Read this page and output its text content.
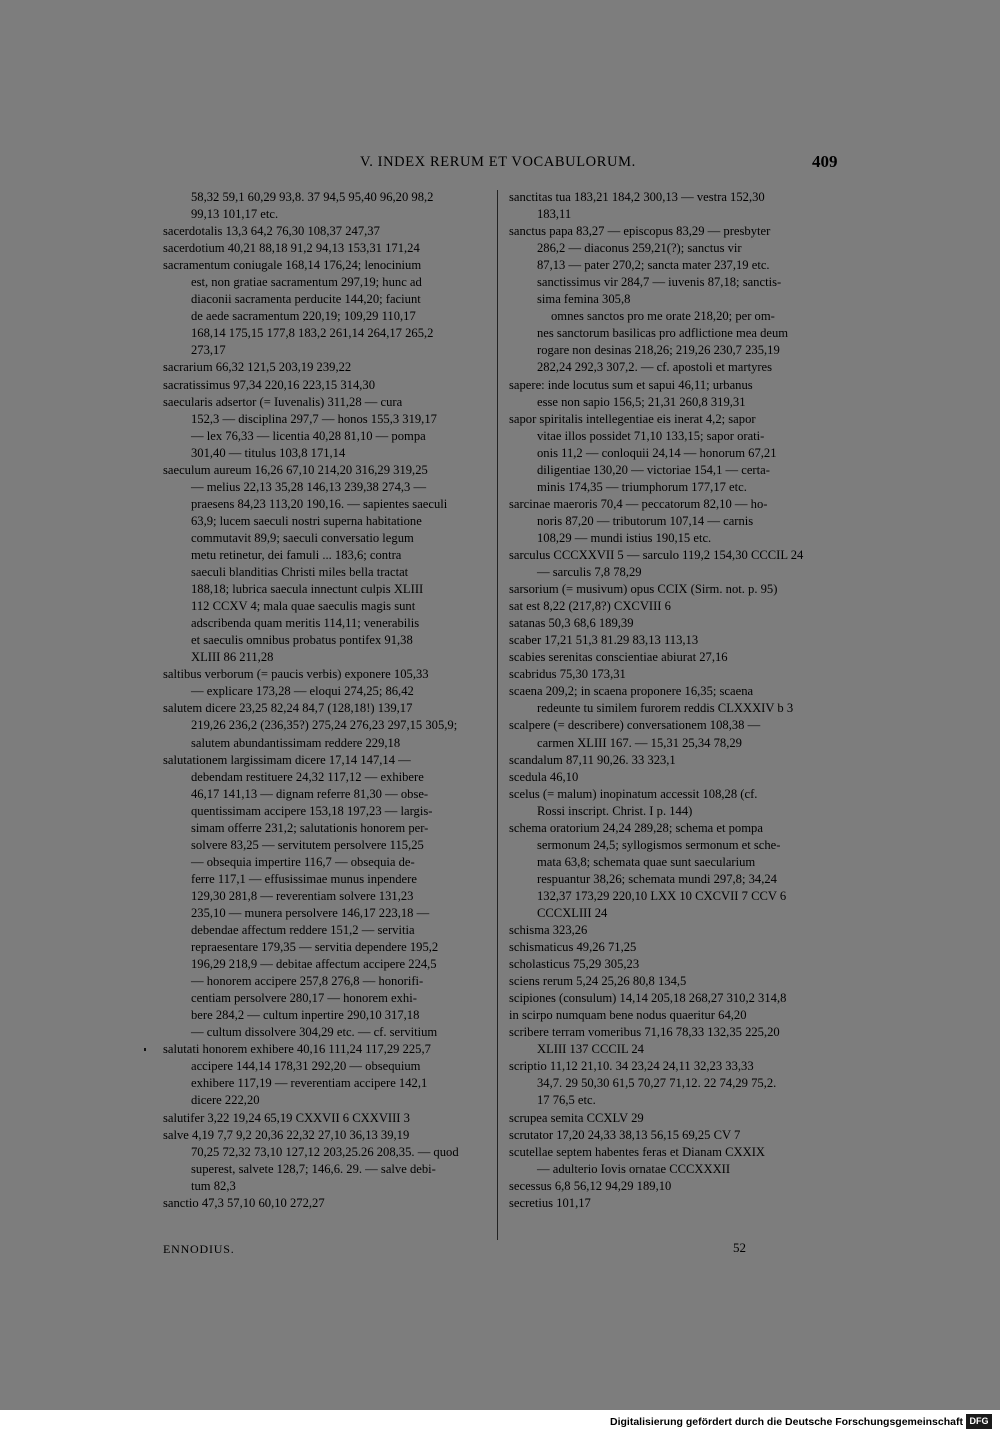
V. INDEX RERUM ET VOCABULORUM.	409
58,32 59,1 60,29 93,8. 37 94,5 95,40 96,20 98,2
99,13 101,17 etc.
sacerdotalis 13,3 64,2 76,30 108,37 247,37
sacerdotium 40,21 88,18 91,2 94,13 153,31 171,24
sacramentum coniugale 168,14 176,24; lenocinium
est, non gratiae sacramentum 297,19; hunc ad
diaconii sacramenta perducite 144,20; faciunt
de aede sacramentum 220,19; 109,29 110,17
168,14 175,15 177,8 183,2 261,14 264,17 265,2
273,17
sacrarium 66,32 121,5 203,19 239,22
sacratissimus 97,34 220,16 223,15 314,30
saecularis adsertor (= Iuvenalis) 311,28 — cura
152,3 — disciplina 297,7 — honos 155,3 319,17
— lex 76,33 — licentia 40,28 81,10 — pompa
301,40 — titulus 103,8 171,14
saeculum aureum 16,26 67,10 214,20 316,29 319,25
— melius 22,13 35,28 146,13 239,38 274,3 —
praesens 84,23 113,20 190,16. — sapientes saeculi
63,9; lucem saeculi nostri superna habitatione
commutavit 89,9; saeculi conversatio legum
metu retinetur, dei famuli ... 183,6; contra
saeculi blanditias Christi miles bella tractat
188,18; lubrica saecula innectunt culpis XLIII
112 CCXV 4; mala quae saeculis magis sunt
adscribenda quam meritis 114,11; venerabilis
et saeculis omnibus probatus pontifex 91,38
XLIII 86 211,28
saltibus verborum (= paucis verbis) exponere 105,33
— explicare 173,28 — eloqui 274,25; 86,42
salutem dicere 23,25 82,24 84,7 (128,18!) 139,17
219,26 236,2 (236,35?) 275,24 276,23 297,15 305,9;
salutem abundantissimam reddere 229,18
salutationem largissimam dicere 17,14 147,14 —
debendam restituere 24,32 117,12 — exhibere
46,17 141,13 — dignam referre 81,30 — obse-
quentissimam accipere 153,18 197,23 — largis-
simam offerre 231,2; salutationis honorem per-
solvere 83,25 — servitutem persolvere 115,25
— obsequia impertire 116,7 — obsequia de-
ferre 117,1 — effusissimae munus inpendere
129,30 281,8 — reverentiam solvere 131,23
235,10 — munera persolvere 146,17 223,18 —
debendae affectum reddere 151,2 — servitia
repraesentare 179,35 — servitia dependere 195,2
196,29 218,9 — debitae affectum accipere 224,5
— honorem accipere 257,8 276,8 — honorifi-
centiam persolvere 280,17 — honorem exhi-
bere 284,2 — cultum inpertire 290,10 317,18
— cultum dissolvere 304,29 etc. — cf. servitium
salutati honorem exhibere 40,16 111,24 117,29 225,7
accipere 144,14 178,31 292,20 — obsequium
exhibere 117,19 — reverentiam accipere 142,1
dicere 222,20
salutifer 3,22 19,24 65,19 CXXVII 6 CXXVIII 3
salve 4,19 7,7 9,2 20,36 22,32 27,10 36,13 39,19
70,25 72,32 73,10 127,12 203,25.26 208,35. — quod
superest, salvete 128,7; 146,6. 29. — salve debi-
tum 82,3
sanctio 47,3 57,10 60,10 272,27
sanctitas tua 183,21 184,2 300,13 — vestra 152,30
183,11
sanctus papa 83,27 — episcopus 83,29 — presbyter
286,2 — diaconus 259,21(?); sanctus vir
87,13 — pater 270,2; sancta mater 237,19 etc.
sanctissimus vir 284,7 — iuvenis 87,18; sanctis-
sima femina 305,8
omnes sanctos pro me orate 218,20; per om-
nes sanctorum basilicas pro adflictione mea deum
rogare non desinas 218,26; 219,26 230,7 235,19
282,24 292,3 307,2. — cf. apostoli et martyres
sapere: inde locutus sum et sapui 46,11; urbanus
esse non sapio 156,5; 21,31 260,8 319,31
sapor spiritalis intellegentiae eis inerat 4,2; sapor
vitae illos possidet 71,10 133,15; sapor orati-
onis 11,2 — conloquii 24,14 — honorum 67,21
diligentiae 130,20 — victoriae 154,1 — certa-
minis 174,35 — triumphorum 177,17 etc.
sarcinae maeroris 70,4 — peccatorum 82,10 — ho-
noris 87,20 — tributorum 107,14 — carnis
108,29 — mundi istius 190,15 etc.
sarculus CCCXXVII 5 — sarculo 119,2 154,30 CCCIL 24
— sarculis 7,8 78,29
sarsorium (= musivum) opus CCIX (Sirm. not. p. 95)
sat est 8,22 (217,8?) CXCVIII 6
satanas 50,3 68,6 189,39
scaber 17,21 51,3 81.29 83,13 113,13
scabies serenitas conscientiae abiurat 27,16
scabridus 75,30 173,31
scaena 209,2; in scaena proponere 16,35; scaena
redeunte tu similem furorem reddis CLXXXIV b 3
scalpere (= describere) conversationem 108,38 —
carmen XLIII 167. — 15,31 25,34 78,29
scandalum 87,11 90,26. 33 323,1
scedula 46,10
scelus (= malum) inopinatum accessit 108,28 (cf.
Rossi inscript. Christ. I p. 144)
schema oratorium 24,24 289,28; schema et pompa
sermonum 24,5; syllogismos sermonum et sche-
mata 63,8; schemata quae sunt saecularium
respuantur 38,26; schemata mundi 297,8; 34,24
132,37 173,29 220,10 LXX 10 CXCVII 7 CCV 6
CCCXLIII 24
schisma 323,26
schismaticus 49,26 71,25
scholasticus 75,29 305,23
sciens rerum 5,24 25,26 80,8 134,5
scipiones (consulum) 14,14 205,18 268,27 310,2 314,8
in scirpo numquam bene nodus quaeritur 64,20
scribere terram vomeribus 71,16 78,33 132,35 225,20
XLIII 137 CCCIL 24
scriptio 11,12 21,10. 34 23,24 24,11 32,23 33,33
34,7. 29 50,30 61,5 70,27 71,12. 22 74,29 75,2.
17 76,5 etc.
scrupea semita CCXLV 29
scrutator 17,20 24,33 38,13 56,15 69,25 CV 7
scutellae septem habentes feras et Dianam CXXIX
— adulterio Iovis ornatae CCCXXXII
secessus 6,8 56,12 94,29 189,10
secretius 101,17
ENNODIUS.	52
Digitalisierung gefördert durch die Deutsche Forschungsgemeinschaft DFG
